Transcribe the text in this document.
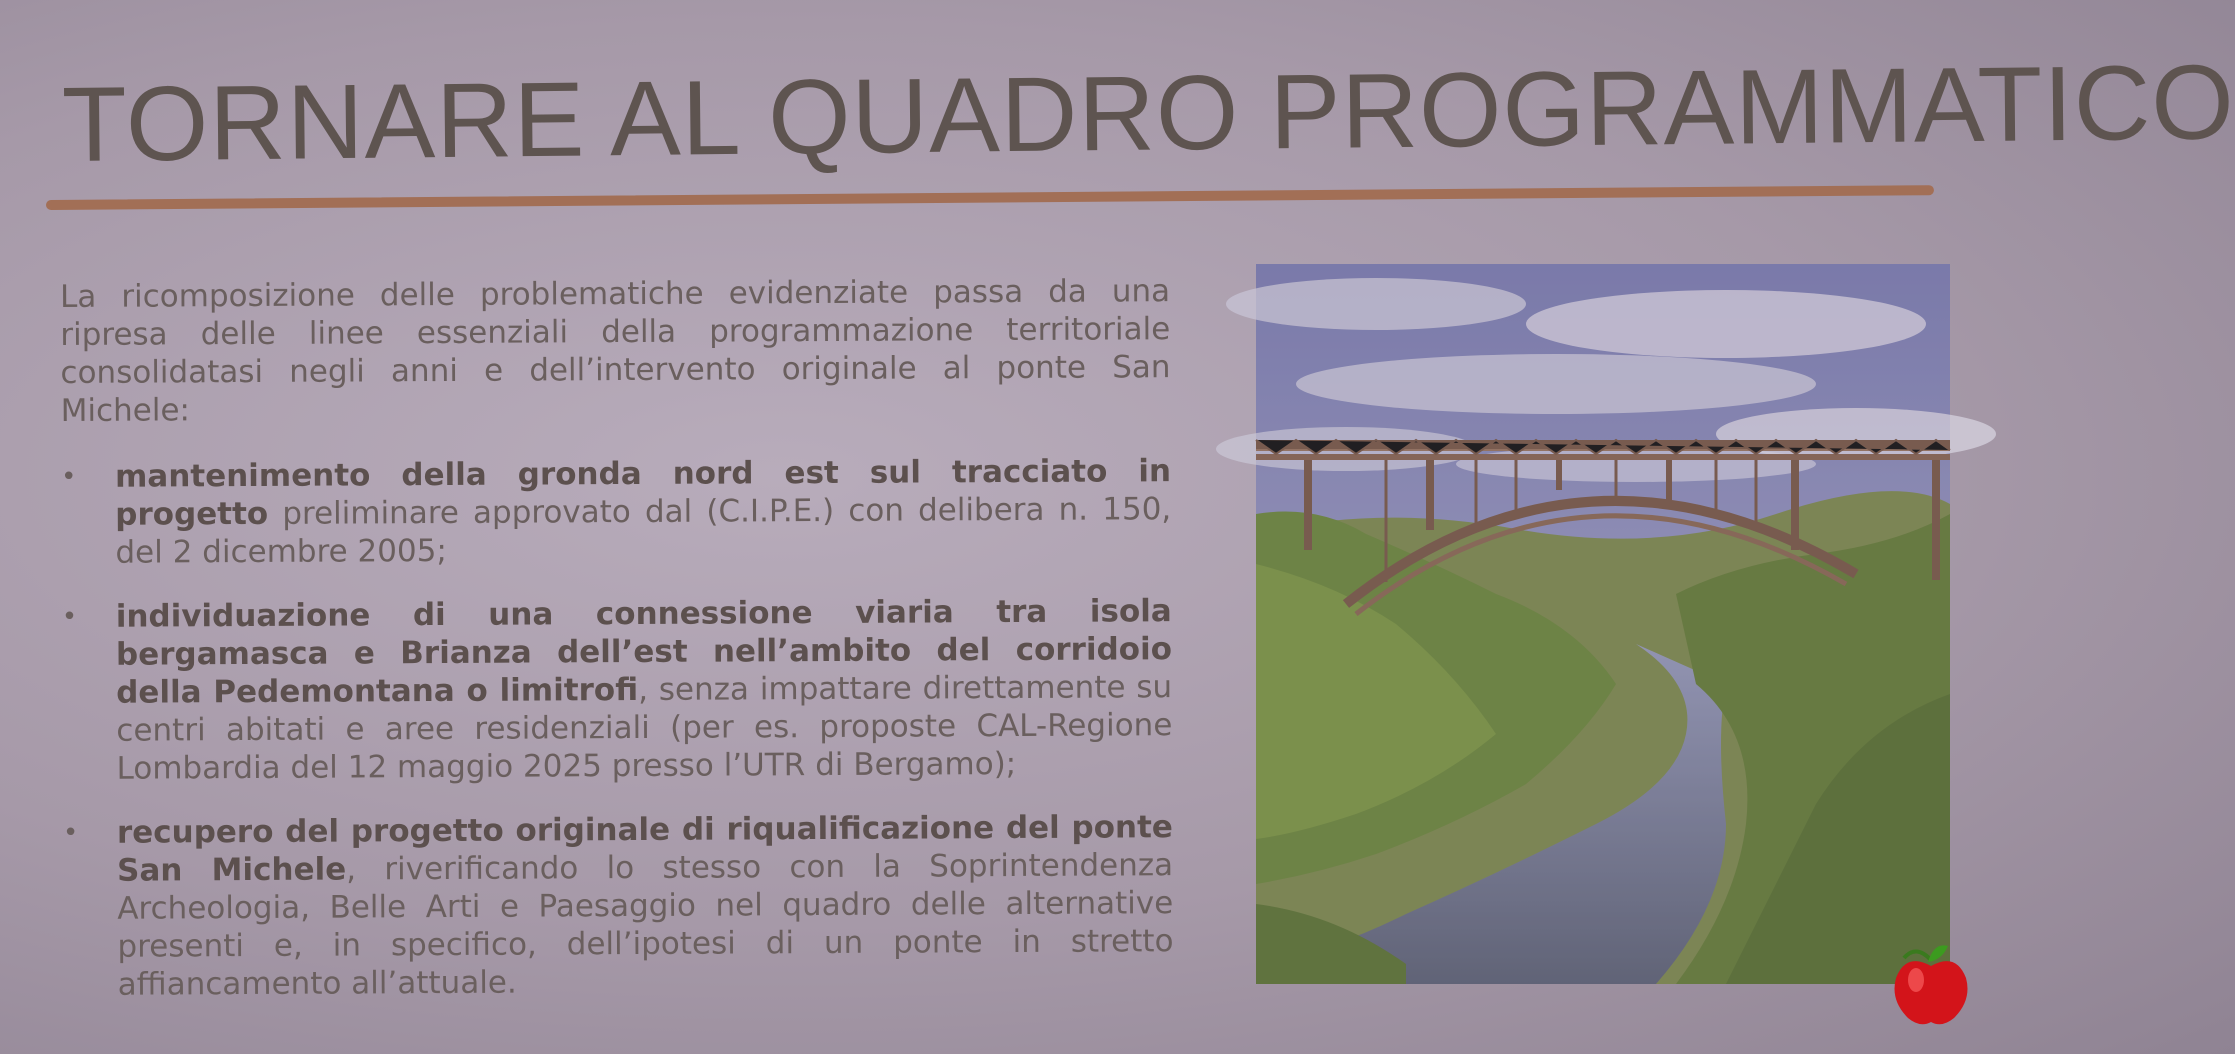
TORNARE AL QUADRO PROGRAMMATICO

La ricomposizione delle problematiche evidenziate passa da una ripresa delle linee essenziali della programmazione territoriale consolidatasi negli anni e dell’intervento originale al ponte San Michele:

•	mantenimento della gronda nord est sul tracciato in progetto preliminare approvato dal (C.I.P.E.) con delibera n. 150, del 2 dicembre 2005;
•	individuazione di una connessione viaria tra isola bergamasca e Brianza dell’est nell’ambito del corridoio della Pedemontana o limitrofi, senza impattare direttamente su centri abitati e aree residenziali (per es. proposte CAL-Regione Lombardia del 12 maggio 2025 presso l’UTR di Bergamo);
•	recupero del progetto originale di riqualificazione del ponte San Michele, riverificando lo stesso con la Soprintendenza Archeologia, Belle Arti e Paesaggio nel quadro delle alternative presenti e, in specifico, dell’ipotesi di un ponte in stretto affiancamento all’attuale.
